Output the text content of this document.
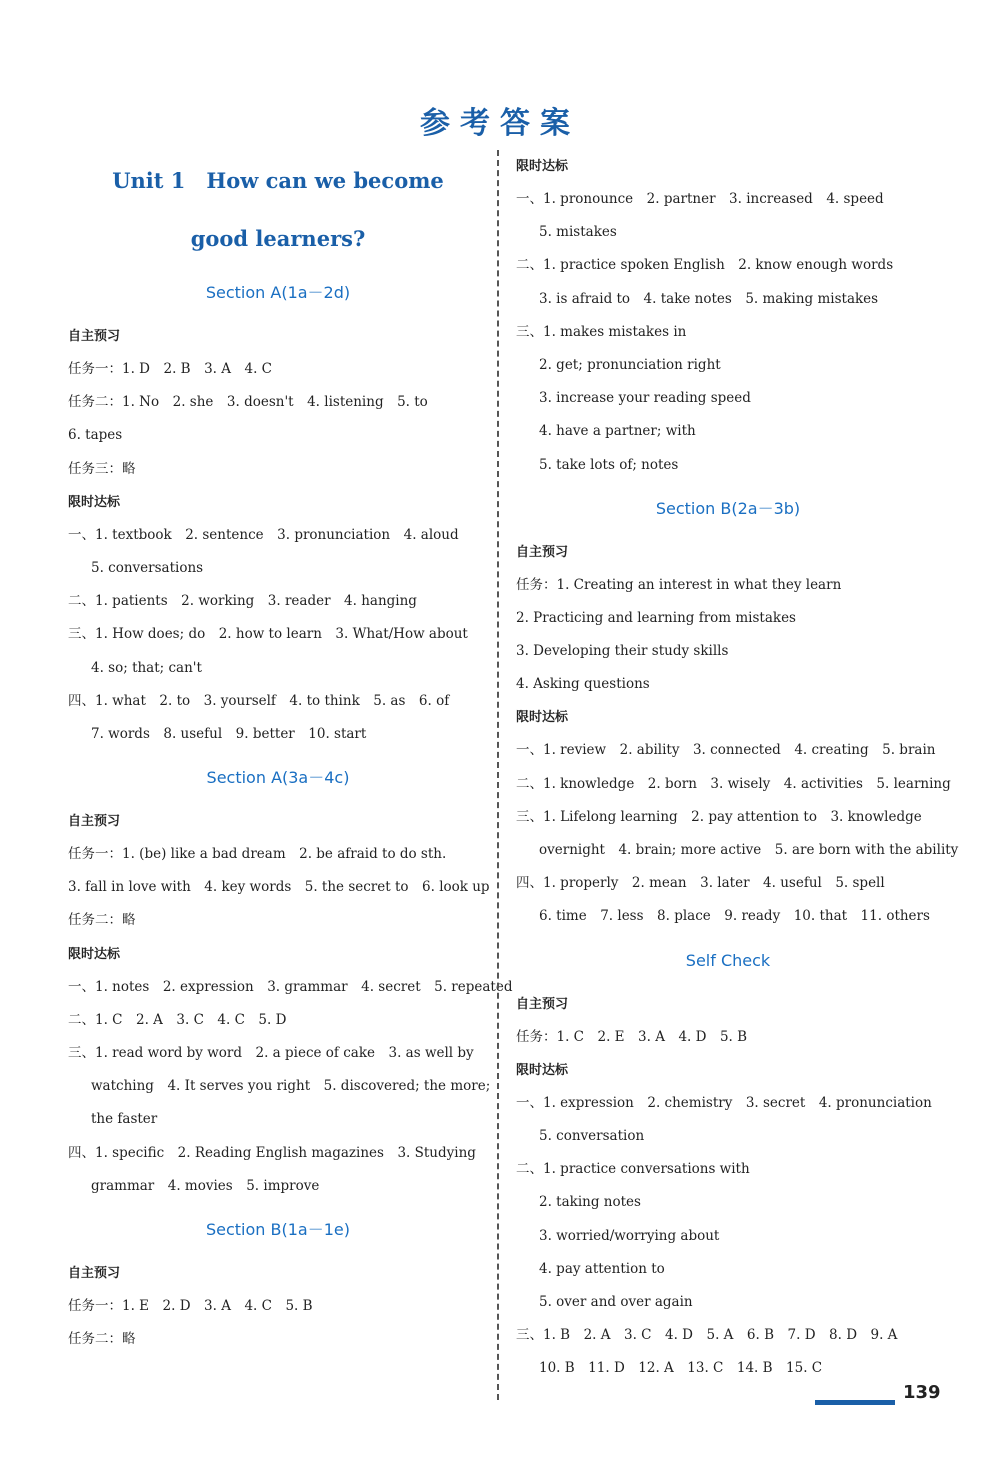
参考答案
Unit 1　How can we become
good learners?
Section A(1a－2d)
自主预习
任务一：1. D　2. B　3. A　4. C
任务二：1. No　2. she　3. doesn't　4. listening　5. to
6. tapes
任务三：略
限时达标
一、1. textbook　2. sentence　3. pronunciation　4. aloud
5. conversations
二、1. patients　2. working　3. reader　4. hanging
三、1. How does; do　2. how to learn　3. What/How about
4. so; that; can't
四、1. what　2. to　3. yourself　4. to think　5. as　6. of
7. words　8. useful　9. better　10. start
Section A(3a－4c)
自主预习
任务一：1. (be) like a bad dream　2. be afraid to do sth.
3. fall in love with　4. key words　5. the secret to　6. look up
任务二：略
限时达标
一、1. notes　2. expression　3. grammar　4. secret　5. repeated
二、1. C　2. A　3. C　4. C　5. D
三、1. read word by word　2. a piece of cake　3. as well by
watching　4. It serves you right　5. discovered; the more;
the faster
四、1. specific　2. Reading English magazines　3. Studying
grammar　4. movies　5. improve
Section B(1a－1e)
自主预习
任务一：1. E　2. D　3. A　4. C　5. B
任务二：略
限时达标
一、1. pronounce　2. partner　3. increased　4. speed
5. mistakes
二、1. practice spoken English　2. know enough words
3. is afraid to　4. take notes　5. making mistakes
三、1. makes mistakes in
2. get; pronunciation right
3. increase your reading speed
4. have a partner; with
5. take lots of; notes
Section B(2a－3b)
自主预习
任务：1. Creating an interest in what they learn
2. Practicing and learning from mistakes
3. Developing their study skills
4. Asking questions
限时达标
一、1. review　2. ability　3. connected　4. creating　5. brain
二、1. knowledge　2. born　3. wisely　4. activities　5. learning
三、1. Lifelong learning　2. pay attention to　3. knowledge
overnight　4. brain; more active　5. are born with the ability
四、1. properly　2. mean　3. later　4. useful　5. spell
6. time　7. less　8. place　9. ready　10. that　11. others
Self Check
自主预习
任务：1. C　2. E　3. A　4. D　5. B
限时达标
一、1. expression　2. chemistry　3. secret　4. pronunciation
5. conversation
二、1. practice conversations with
2. taking notes
3. worried/worrying about
4. pay attention to
5. over and over again
三、1. B　2. A　3. C　4. D　5. A　6. B　7. D　8. D　9. A
10. B　11. D　12. A　13. C　14. B　15. C
139
